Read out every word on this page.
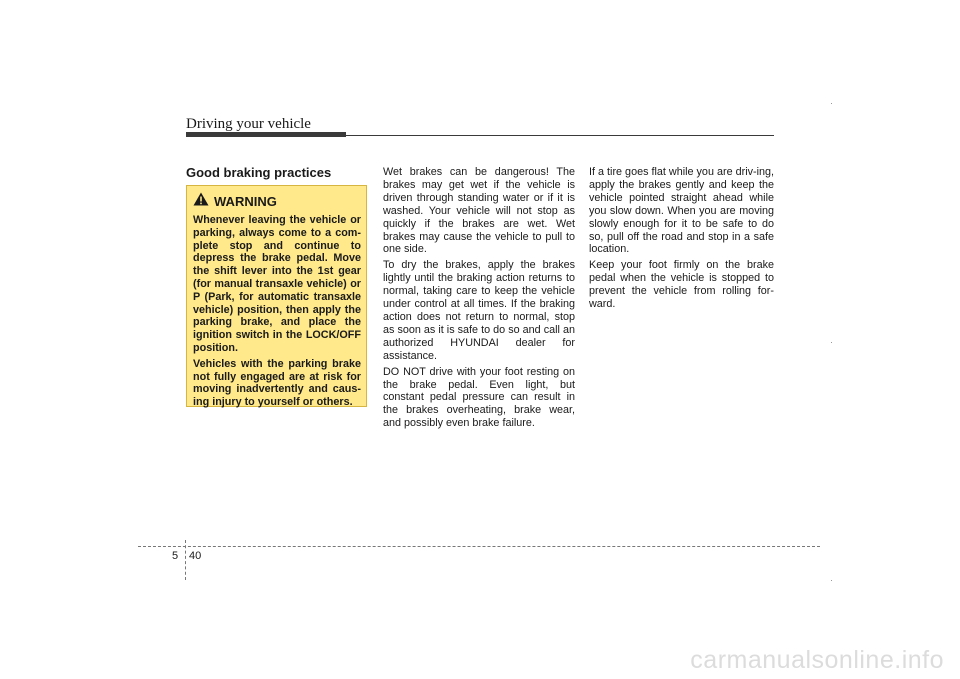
Driving your vehicle
Good braking practices
WARNING

Whenever leaving the vehicle or parking, always come to a com-plete stop and continue to depress the brake pedal. Move the shift lever into the 1st gear (for manual transaxle vehicle) or P (Park, for automatic transaxle vehicle) position, then apply the parking brake, and place the ignition switch in the LOCK/OFF position.

Vehicles with the parking brake not fully engaged are at risk for moving inadvertently and caus-ing injury to yourself or others.

Wet brakes can be dangerous! The brakes may get wet if the vehicle is driven through standing water or if it is washed. Your vehicle will not stop as quickly if the brakes are wet. Wet brakes may cause the vehicle to pull to one side.

To dry the brakes, apply the brakes lightly until the braking action returns to normal, taking care to keep the vehicle under control at all times. If the braking action does not return to normal, stop as soon as it is safe to do so and call an authorized HYUNDAI dealer for assistance.

DO NOT drive with your foot resting on the brake pedal. Even light, but constant pedal pressure can result in the brakes overheating, brake wear, and possibly even brake failure.

If a tire goes flat while you are driv-ing, apply the brakes gently and keep the vehicle pointed straight ahead while you slow down. When you are moving slowly enough for it to be safe to do so, pull off the road and stop in a safe location.

Keep your foot firmly on the brake pedal when the vehicle is stopped to prevent the vehicle from rolling for-ward.

5 40
carmanualsonline.info
